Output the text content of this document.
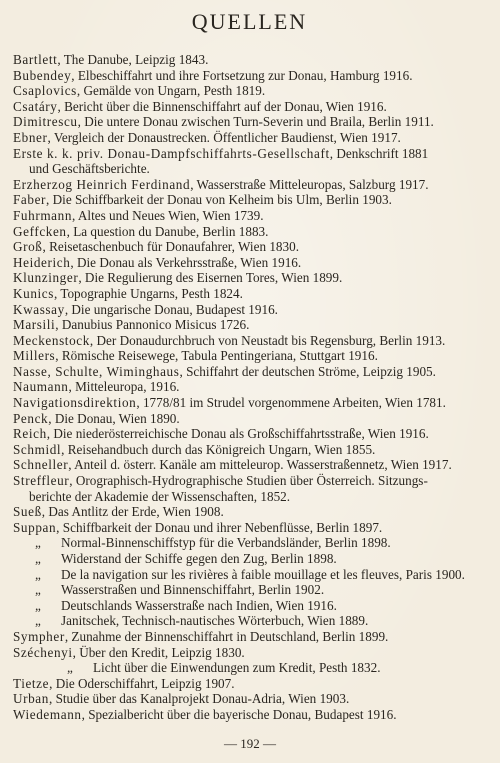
QUELLEN
Bartlett, The Danube, Leipzig 1843.
Bubendey, Elbeschiffahrt und ihre Fortsetzung zur Donau, Hamburg 1916.
Csaplovics, Gemälde von Ungarn, Pesth 1819.
Csatáry, Bericht über die Binnenschiffahrt auf der Donau, Wien 1916.
Dimitrescu, Die untere Donau zwischen Turn-Severin und Braila, Berlin 1911.
Ebner, Vergleich der Donaustrecken. Öffentlicher Baudienst, Wien 1917.
Erste k. k. priv. Donau-Dampfschiffahrts-Gesellschaft, Denkschrift 1881
und Geschäftsberichte.
Erzherzog Heinrich Ferdinand, Wasserstraße Mitteleuropas, Salzburg 1917.
Faber, Die Schiffbarkeit der Donau von Kelheim bis Ulm, Berlin 1903.
Fuhrmann, Altes und Neues Wien, Wien 1739.
Geffcken, La question du Danube, Berlin 1883.
Groß, Reisetaschenbuch für Donaufahrer, Wien 1830.
Heiderich, Die Donau als Verkehrsstraße, Wien 1916.
Klunzinger, Die Regulierung des Eisernen Tores, Wien 1899.
Kunics, Topographie Ungarns, Pesth 1824.
Kwassay, Die ungarische Donau, Budapest 1916.
Marsili, Danubius Pannonico Misicus 1726.
Meckenstock, Der Donaudurchbruch von Neustadt bis Regensburg, Berlin 1913.
Millers, Römische Reisewege, Tabula Pentingeriana, Stuttgart 1916.
Nasse, Schulte, Wiminghaus, Schiffahrt der deutschen Ströme, Leipzig 1905.
Naumann, Mitteleuropa, 1916.
Navigationsdirektion, 1778/81 im Strudel vorgenommene Arbeiten, Wien 1781.
Penck, Die Donau, Wien 1890.
Reich, Die niederösterreichische Donau als Großschiffahrtsstraße, Wien 1916.
Schmidl, Reisehandbuch durch das Königreich Ungarn, Wien 1855.
Schneller, Anteil d. österr. Kanäle am mitteleurop. Wasserstraßennetz, Wien 1917.
Streffleur, Orographisch-Hydrographische Studien über Österreich. Sitzungs-
berichte der Akademie der Wissenschaften, 1852.
Sueß, Das Antlitz der Erde, Wien 1908.
Suppan, Schiffbarkeit der Donau und ihrer Nebenflüsse, Berlin 1897.
„ Normal-Binnenschiffstyp für die Verbandsländer, Berlin 1898.
„ Widerstand der Schiffe gegen den Zug, Berlin 1898.
„ De la navigation sur les rivières à faible mouillage et les fleuves, Paris 1900.
„ Wasserstraßen und Binnenschiffahrt, Berlin 1902.
„ Deutschlands Wasserstraße nach Indien, Wien 1916.
„ Janitschek, Technisch-nautisches Wörterbuch, Wien 1889.
Sympher, Zunahme der Binnenschiffahrt in Deutschland, Berlin 1899.
Széchenyi, Über den Kredit, Leipzig 1830.
„ Licht über die Einwendungen zum Kredit, Pesth 1832.
Tietze, Die Oderschiffahrt, Leipzig 1907.
Urban, Studie über das Kanalprojekt Donau-Adria, Wien 1903.
Wiedemann, Spezialbericht über die bayerische Donau, Budapest 1916.
— 192 —
